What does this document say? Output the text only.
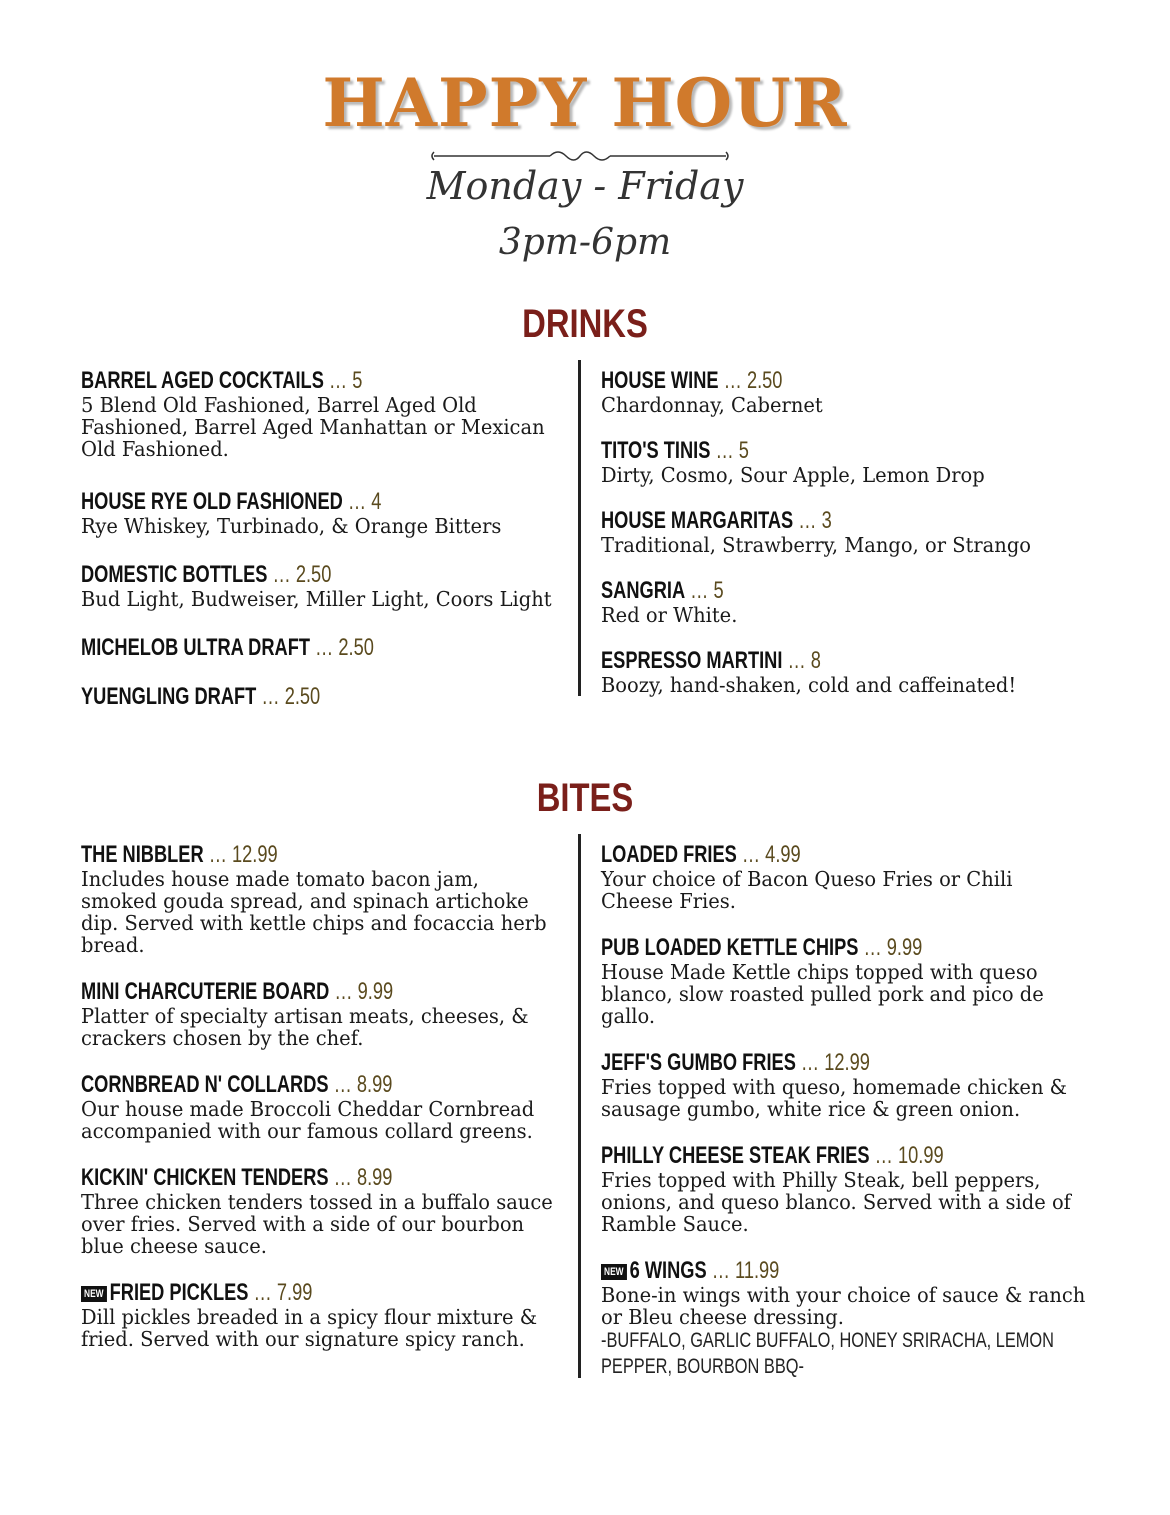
HAPPY HOUR
Monday - Friday
3pm-6pm
DRINKS
BARREL AGED COCKTAILS … 5
5 Blend Old Fashioned, Barrel Aged Old Fashioned, Barrel Aged Manhattan or Mexican Old Fashioned.
HOUSE RYE OLD FASHIONED … 4
Rye Whiskey, Turbinado, & Orange Bitters
DOMESTIC BOTTLES … 2.50
Bud Light, Budweiser, Miller Light, Coors Light
MICHELOB ULTRA DRAFT … 2.50
YUENGLING DRAFT … 2.50
HOUSE WINE … 2.50
Chardonnay, Cabernet
TITO'S TINIS … 5
Dirty, Cosmo, Sour Apple, Lemon Drop
HOUSE MARGARITAS … 3
Traditional, Strawberry, Mango, or Strango
SANGRIA … 5
Red or White.
ESPRESSO MARTINI … 8
Boozy, hand-shaken, cold and caffeinated!
BITES
THE NIBBLER … 12.99
Includes house made tomato bacon jam, smoked gouda spread, and spinach artichoke dip. Served with kettle chips and focaccia herb bread.
MINI CHARCUTERIE BOARD … 9.99
Platter of specialty artisan meats, cheeses, & crackers chosen by the chef.
CORNBREAD N' COLLARDS … 8.99
Our house made Broccoli Cheddar Cornbread accompanied with our famous collard greens.
KICKIN' CHICKEN TENDERS … 8.99
Three chicken tenders tossed in a buffalo sauce over fries. Served with a side of our bourbon blue cheese sauce.
NEW FRIED PICKLES … 7.99
Dill pickles breaded in a spicy flour mixture & fried. Served with our signature spicy ranch.
LOADED FRIES … 4.99
Your choice of Bacon Queso Fries or Chili Cheese Fries.
PUB LOADED KETTLE CHIPS … 9.99
House Made Kettle chips topped with queso blanco, slow roasted pulled pork and pico de gallo.
JEFF'S GUMBO FRIES … 12.99
Fries topped with queso, homemade chicken & sausage gumbo, white rice & green onion.
PHILLY CHEESE STEAK FRIES … 10.99
Fries topped with Philly Steak, bell peppers, onions, and queso blanco. Served with a side of Ramble Sauce.
NEW 6 WINGS … 11.99
Bone-in wings with your choice of sauce & ranch or Bleu cheese dressing.
-BUFFALO, GARLIC BUFFALO, HONEY SRIRACHA, LEMON PEPPER, BOURBON BBQ-
